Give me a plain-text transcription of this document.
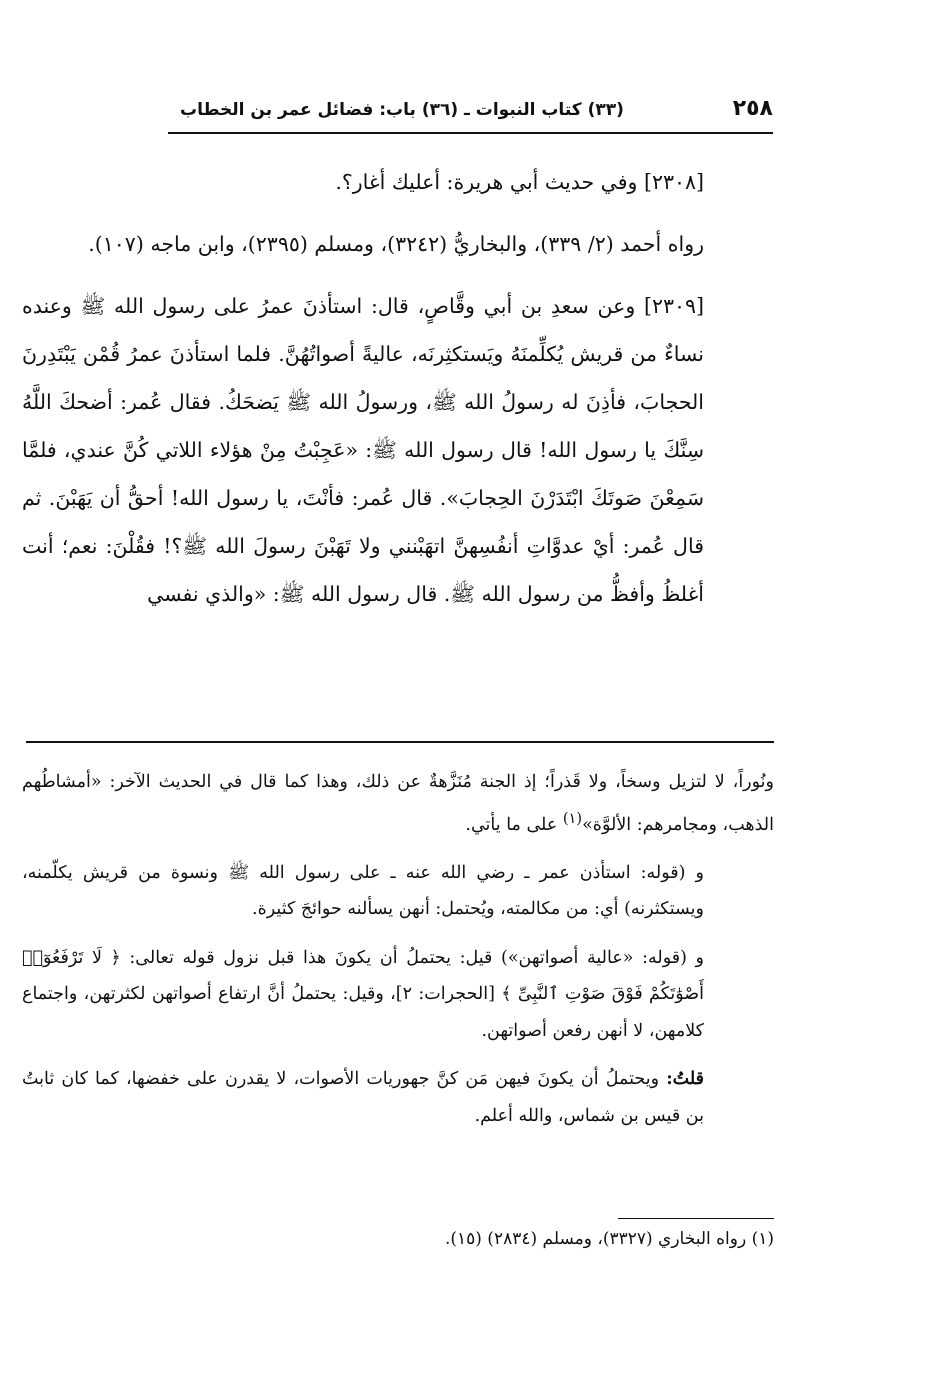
٢٥٨
(٣٣) كتاب النبوات ـ (٣٦) باب: فضائل عمر بن الخطاب

[٢٣٠٨] وفي حديث أبي هريرة: أعليك أغار؟.

رواه أحمد (٢/ ٣٣٩)، والبخاريُّ (٣٢٤٢)، ومسلم (٢٣٩٥)، وابن ماجه (١٠٧).

[٢٣٠٩] وعن سعدِ بن أبي وقَّاصٍ، قال: استأذنَ عمرُ على رسول الله ﷺ وعنده نساءٌ من قريش يُكلِّمنَهُ ويَستكثِرنَه، عاليةً أصواتُهُنَّ. فلما استأذنَ عمرُ قُمْن يَبْتَدِرنَ الحجابَ، فأذِنَ له رسولُ الله ﷺ، ورسولُ الله ﷺ يَضحَكُ. فقال عُمر: أضحكَ اللَّهُ سِنَّكَ يا رسول الله! قال رسول الله ﷺ: «عَجِبْتُ مِنْ هؤلاء اللاتي كُنَّ عندي، فلمَّا سَمِعْنَ صَوتَكَ ابْتَدَرْنَ الحِجابَ». قال عُمر: فأنْتَ، يا رسول الله! أحقُّ أن يَهَبْنَ. ثم قال عُمر: أيْ عدوَّاتِ أنفُسِهنَّ اتهَبْنني ولا تَهَبْنَ رسولَ الله ﷺ؟! فقُلْنَ: نعم؛ أنت أغلظُ وأفظُّ من رسول الله ﷺ. قال رسول الله ﷺ: «والذي نفسي

ونُوراً، لا لتزيل وسخاً، ولا قَذراً؛ إذ الجنة مُنَزَّهةٌ عن ذلك، وهذا كما قال في الحديث الآخر: «أمشاطُهم الذهب، ومجامرهم: الألوَّة»$^{(١)}$ على ما يأتي.

و (قوله: استأذن عمر ـ رضي الله عنه ـ على رسول الله ﷺ ونسوة من قريش يكلّمنه، ويستكثرنه) أي: من مكالمته، ويُحتمل: أنهن يسألنه حوائجَ كثيرة.

و (قوله: «عالية أصواتهن») قيل: يحتملُ أن يكونَ هذا قبل نزول قوله تعالى: ﴿ لَا تَرْفَعُوٓا۟ أَصْوَٰتَكُمْ فَوْقَ صَوْتِ ٱلنَّبِىِّ ﴾ [الحجرات: ٢]، وقيل: يحتملُ أنَّ ارتفاع أصواتهن لكثرتهن، واجتماع كلامهن، لا أنهن رفعن أصواتهن.

قلتُ: ويحتملُ أن يكونَ فيهن مَن كنَّ جهوريات الأصوات، لا يقدرن على خفضها، كما كان ثابتُ بن قيس بن شماس، والله أعلم.

(١) رواه البخاري (٣٣٢٧)، ومسلم (٢٨٣٤) (١٥).
